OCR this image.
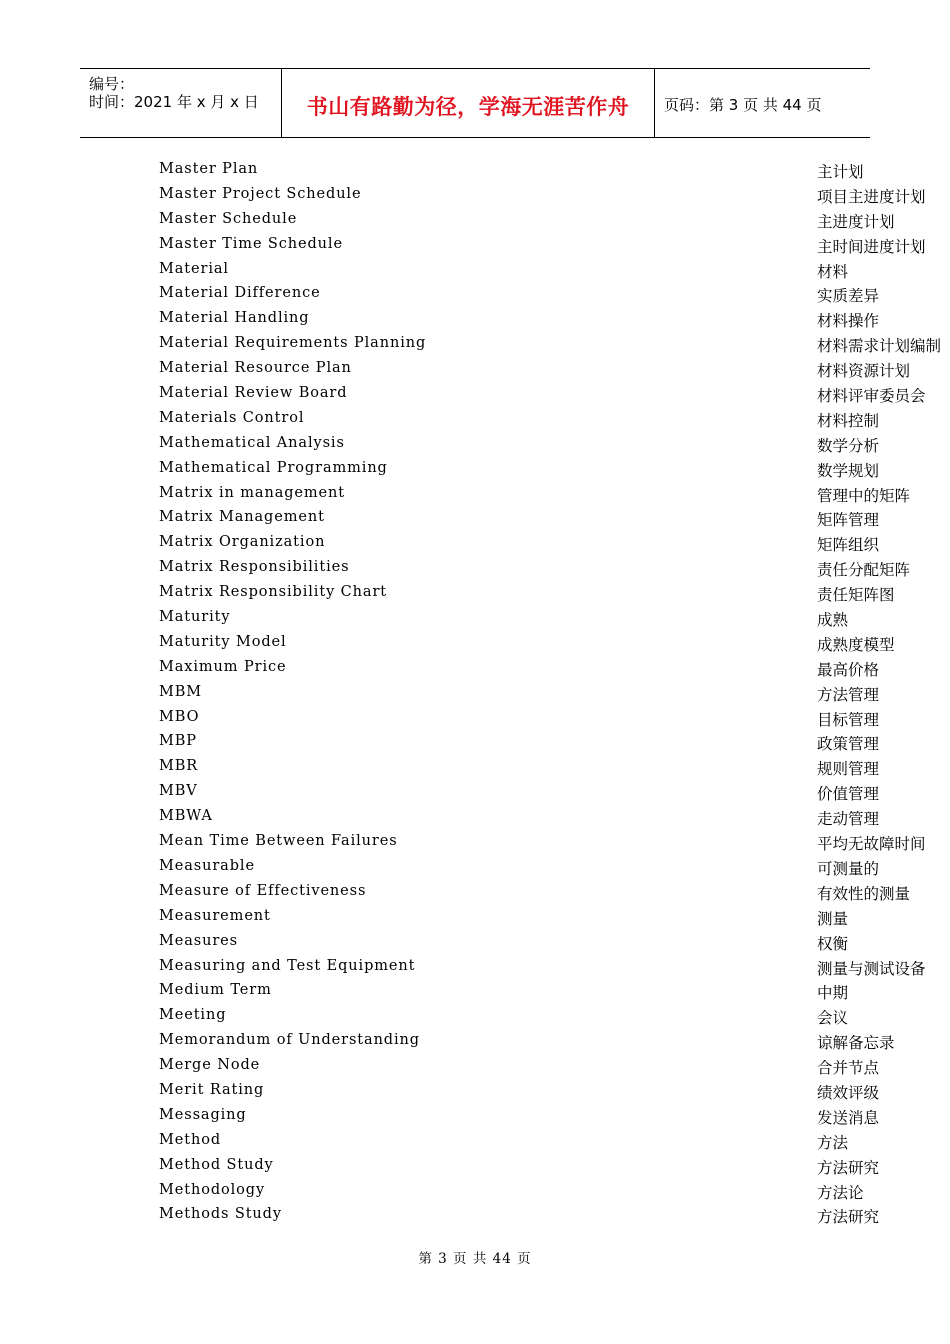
编号：
时间：2021 年 x 月 x 日	书山有路勤为径，学海无涯苦作舟	页码：第 3 页 共 44 页
Master Plan	主计划
Master Project Schedule	项目主进度计划
Master Schedule	主进度计划
Master Time Schedule	主时间进度计划
Material	材料
Material Difference	实质差异
Material Handling	材料操作
Material Requirements Planning	材料需求计划编制
Material Resource Plan	材料资源计划
Material Review Board	材料评审委员会
Materials Control	材料控制
Mathematical Analysis	数学分析
Mathematical Programming	数学规划
Matrix in management	管理中的矩阵
Matrix Management	矩阵管理
Matrix Organization	矩阵组织
Matrix Responsibilities	责任分配矩阵
Matrix Responsibility Chart	责任矩阵图
Maturity	成熟
Maturity Model	成熟度模型
Maximum Price	最高价格
MBM	方法管理
MBO	目标管理
MBP	政策管理
MBR	规则管理
MBV	价值管理
MBWA	走动管理
Mean Time Between Failures	平均无故障时间
Measurable	可测量的
Measure of Effectiveness	有效性的测量
Measurement	测量
Measures	权衡
Measuring and Test Equipment	测量与测试设备
Medium Term	中期
Meeting	会议
Memorandum of Understanding	谅解备忘录
Merge Node	合并节点
Merit Rating	绩效评级
Messaging	发送消息
Method	方法
Method Study	方法研究
Methodology	方法论
Methods Study	方法研究
第 3 页 共 44 页
